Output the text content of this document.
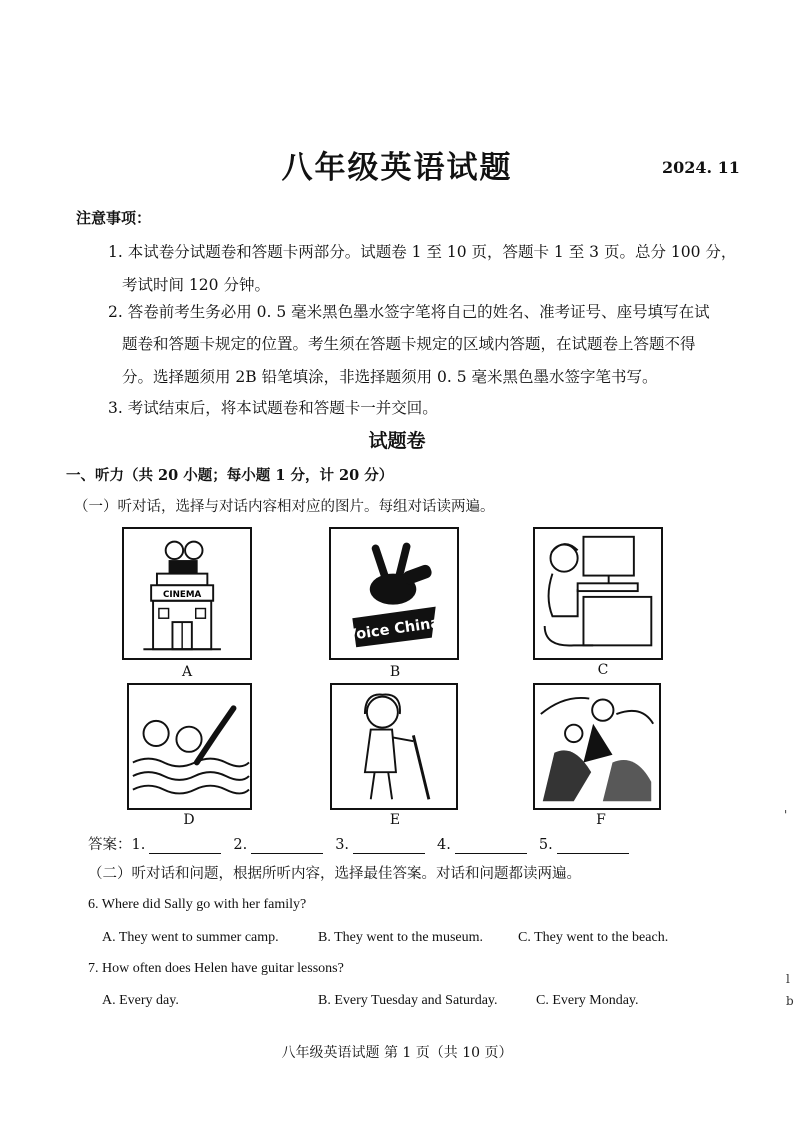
八年级英语试题	2024. 11
注意事项：
1. 本试卷分试题卷和答题卡两部分。试题卷 1 至 10 页，答题卡 1 至 3 页。总分 100 分，
考试时间 120 分钟。
2. 答卷前考生务必用 0. 5 毫米黑色墨水签字笔将自己的姓名、准考证号、座号填写在试
题卷和答题卡规定的位置。考生须在答题卡规定的区域内答题，在试题卷上答题不得
分。选择题须用 2B 铅笔填涂，非选择题须用 0. 5 毫米黑色墨水签字笔书写。
3. 考试结束后，将本试题卷和答题卡一并交回。
试题卷
一、听力（共 20 小题；每小题 1 分，计 20 分）
（一）听对话，选择与对话内容相对应的图片。每组对话读两遍。
CINEMA
A
Voice China
B	C
D	E	F
答案：1.	2.	3.	4.	5.
（二）听对话和问题，根据所听内容，选择最佳答案。对话和问题都读两遍。
6. Where did Sally go with her family?
A. They went to summer camp.	B. They went to the museum.	C. They went to the beach.
7. How often does Helen have guitar lessons?
A. Every day.	B. Every Tuesday and Saturday.	C. Every Monday.
八年级英语试题 第 1 页（共 10 页）
'
l
b
